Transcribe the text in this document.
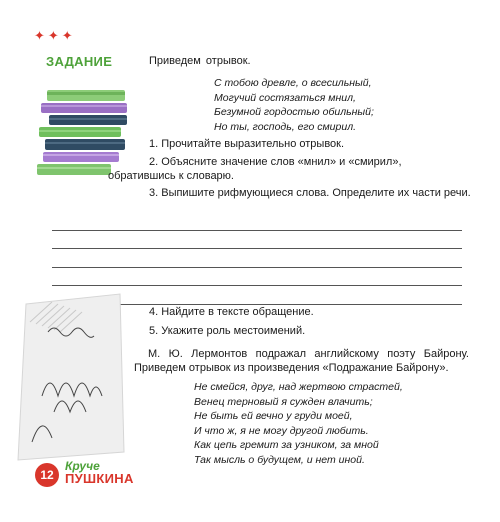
✦✦✦
ЗАДАНИЕ	Приведем отрывок.
С тобою древле, о всесильный,
Могучий состязаться мнил,
Безумной гордостью обильный;
Но ты, господь, его смирил.
1. Прочитайте выразительно отрывок.
2. Объясните значение слов «мнил» и «смирил», обратившись к словарю.
3. Выпишите рифмующиеся слова. Определите их части речи.
4. Найдите в тексте обращение.
5. Укажите роль местоимений.
М. Ю. Лермонтов подражал английскому поэту Байрону. Приведем отрывок из произведения «Подражание Байрону».
Не смейся, друг, над жертвою страстей,
Венец терновый я сужден влачить;
Не быть ей вечно у груди моей,
И что ж, я не могу другой любить.
Как цепь гремит за узником, за мной
Так мысль о будущем, и нет иной.
12
Круче
ПУШКИНА
